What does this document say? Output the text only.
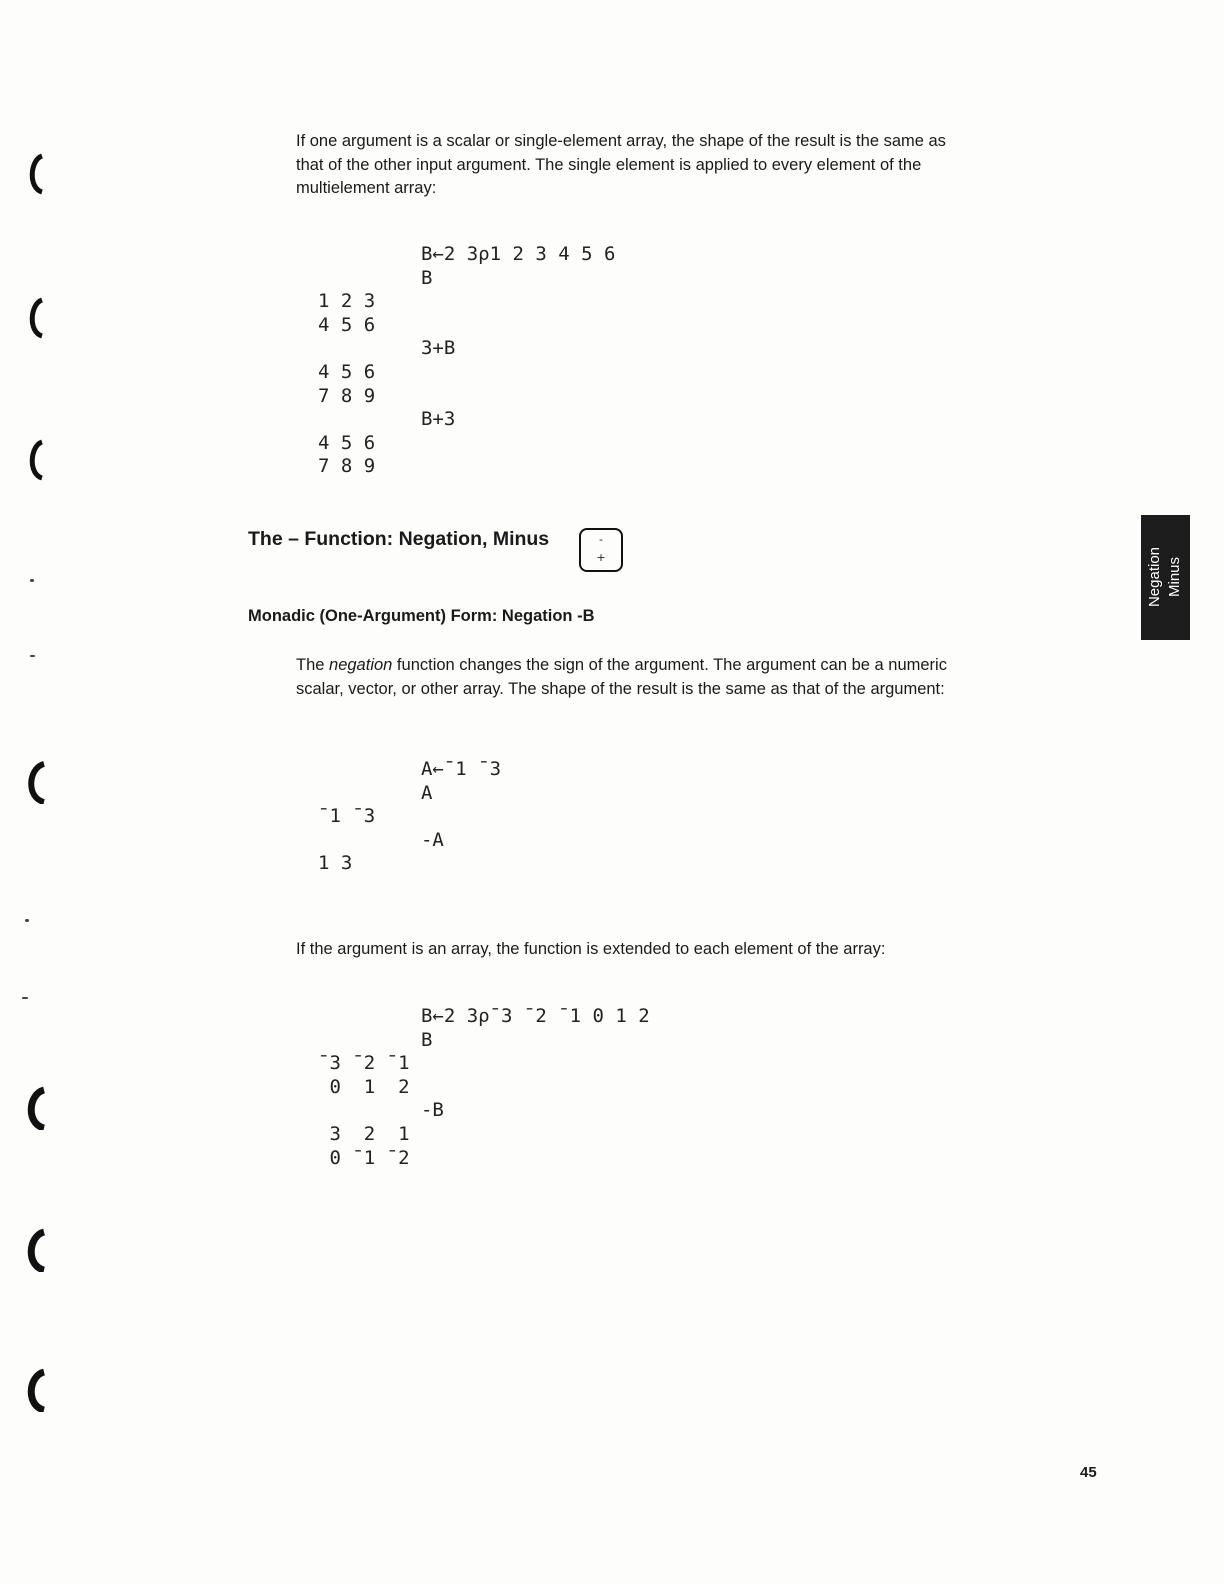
If one argument is a scalar or single-element array, the shape of the result is the same as that of the other input argument. The single element is applied to every element of the multielement array:

B←2 3ρ1 2 3 4 5 6
B
1 2 3
4 5 6
3+B
4 5 6
7 8 9
B+3
4 5 6
7 8 9
The – Function: Negation, Minus	-
+
Monadic (One-Argument) Form: Negation -B

The negation function changes the sign of the argument. The argument can be a numeric scalar, vector, or other array. The shape of the result is the same as that of the argument:

A←¯1 ¯3
A
¯1 ¯3
-A
1 3

If the argument is an array, the function is extended to each element of the array:

B←2 3ρ¯3 ¯2 ¯1 0 1 2
B
¯3 ¯2 ¯1
0  1  2
-B
3  2  1
0 ¯1 ¯2
Negation Minus

45
